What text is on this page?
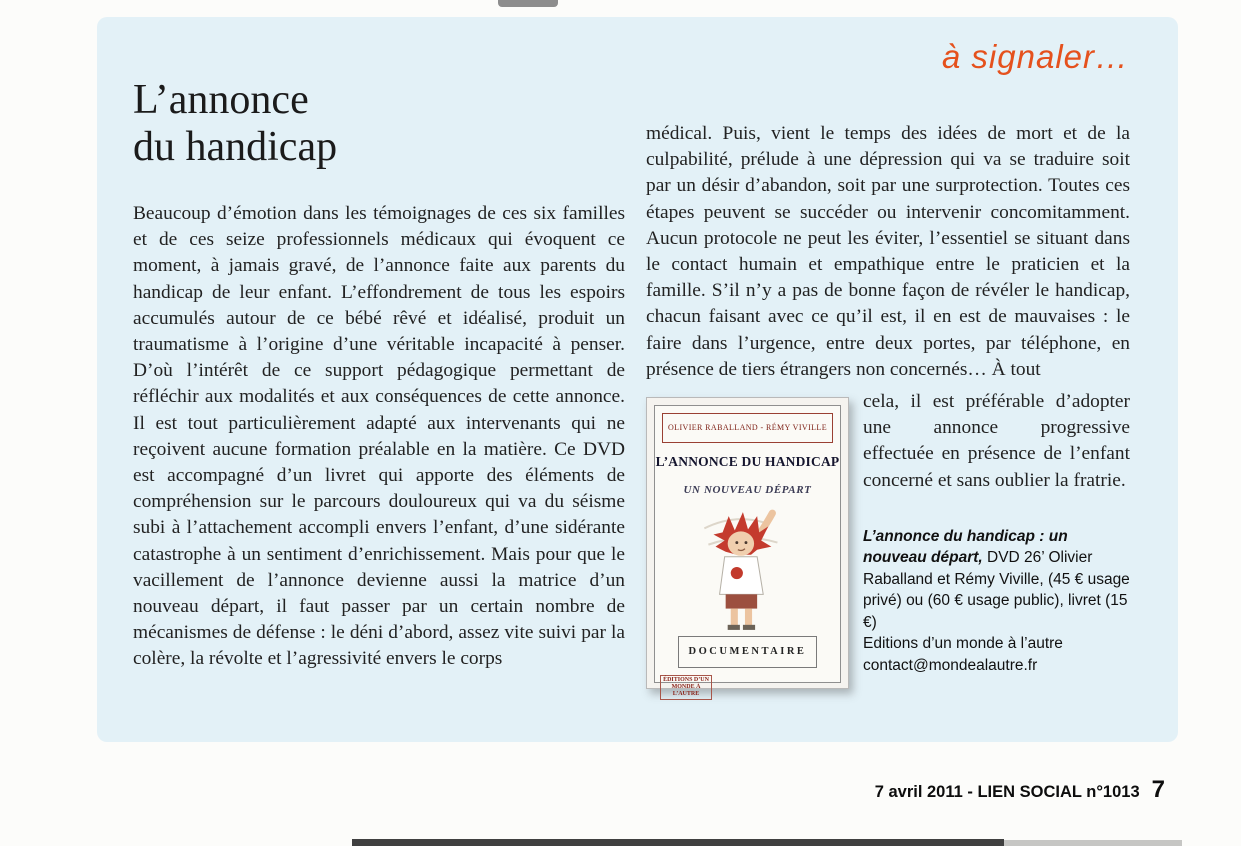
à signaler…
L’annonce
du handicap
Beaucoup d’émotion dans les témoignages de ces six familles et de ces seize professionnels médicaux qui évoquent ce moment, à jamais gravé, de l’annonce faite aux parents du handicap de leur enfant. L’effondrement de tous les espoirs accumulés autour de ce bébé rêvé et idéalisé, produit un traumatisme à l’origine d’une véritable incapacité à penser. D’où l’intérêt de ce support pédagogique permettant de réfléchir aux modalités et aux conséquences de cette annonce. Il est tout particulièrement adapté aux intervenants qui ne reçoivent aucune formation préalable en la matière. Ce DVD est accompagné d’un livret qui apporte des éléments de compréhension sur le parcours douloureux qui va du séisme subi à l’attachement accompli envers l’enfant, d’une sidérante catastrophe à un sentiment d’enrichissement. Mais pour que le vacillement de l’annonce devienne aussi la matrice d’un nouveau départ, il faut passer par un certain nombre de mécanismes de défense : le déni d’abord, assez vite suivi par la colère, la révolte et l’agressivité envers le corps

médical. Puis, vient le temps des idées de mort et de la culpabilité, prélude à une dépression qui va se traduire soit par un désir d’abandon, soit par une surprotection. Toutes ces étapes peuvent se succéder ou intervenir concomitamment. Aucun protocole ne peut les éviter, l’essentiel se situant dans le contact humain et empathique entre le praticien et la famille. S’il n’y a pas de bonne façon de révéler le handicap, chacun faisant avec ce qu’il est, il en est de mauvaises : le faire dans l’urgence, entre deux portes, par téléphone, en présence de tiers étrangers non concernés… À tout

OLIVIER RABALLAND - RÉMY VIVILLE
L’ANNONCE DU HANDICAP
UN NOUVEAU DÉPART
DOCUMENTAIRE
ÉDITIONS D’UN MONDE À L’AUTRE

cela, il est préférable d’adopter une annonce progressive effectuée en présence de l’enfant concerné et sans oublier la fratrie.

L’annonce du handicap : un nouveau départ, DVD 26’ Olivier Raballand et Rémy Viville, (45 € usage privé) ou (60 € usage public), livret (15 €)

Editions d’un monde à l’autre

contact@mondealautre.fr

7 avril 2011 - LIEN SOCIAL n°1013 7
